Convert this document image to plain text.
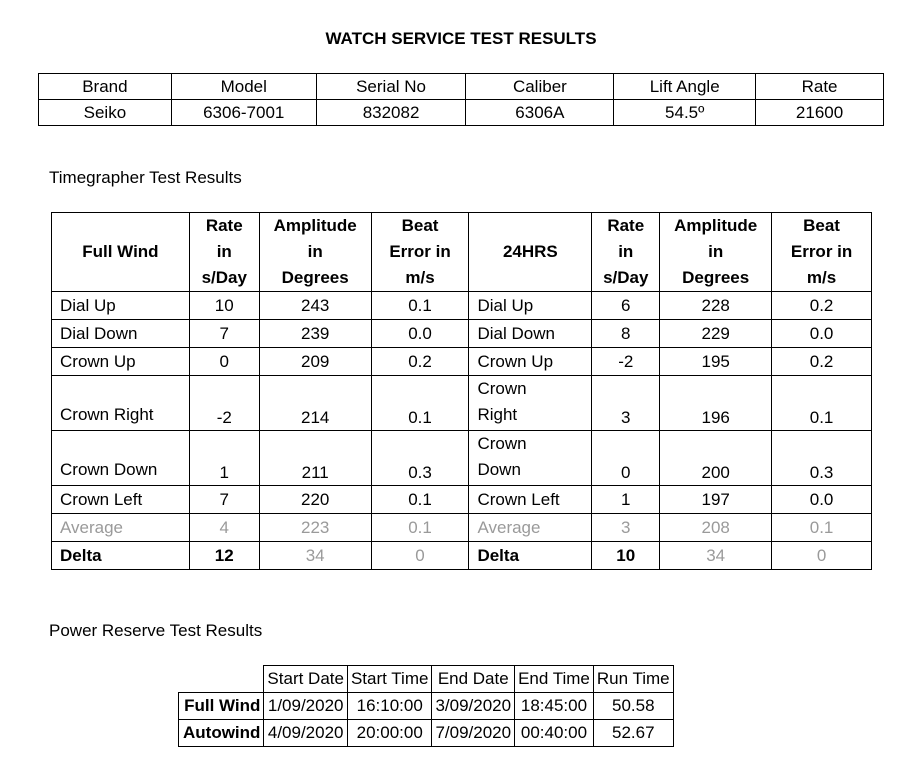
WATCH SERVICE TEST RESULTS
Brand	Model	Serial No	Caliber	Lift Angle	Rate
Seiko	6306-7001	832082	6306A	54.5º	21600
Timegrapher Test Results
Full Wind	Rate
in
s/Day	Amplitude
in
Degrees	Beat
Error in
m/s	24HRS	Rate
in
s/Day	Amplitude
in
Degrees	Beat
Error in
m/s
Dial Up	10	243	0.1	Dial Up	6	228	0.2
Dial Down	7	239	0.0	Dial Down	8	229	0.0
Crown Up	0	209	0.2	Crown Up	-2	195	0.2
Crown Right	-2	214	0.1	Crown
Right	3	196	0.1
Crown Down	1	211	0.3	Crown
Down	0	200	0.3
Crown Left	7	220	0.1	Crown Left	1	197	0.0
Average	4	223	0.1	Average	3	208	0.1
Delta	12	34	0	Delta	10	34	0
Power Reserve Test Results
	Start Date	Start Time	End Date	End Time	Run Time
Full Wind	1/09/2020	16:10:00	3/09/2020	18:45:00	50.58
Autowind	4/09/2020	20:00:00	7/09/2020	00:40:00	52.67
